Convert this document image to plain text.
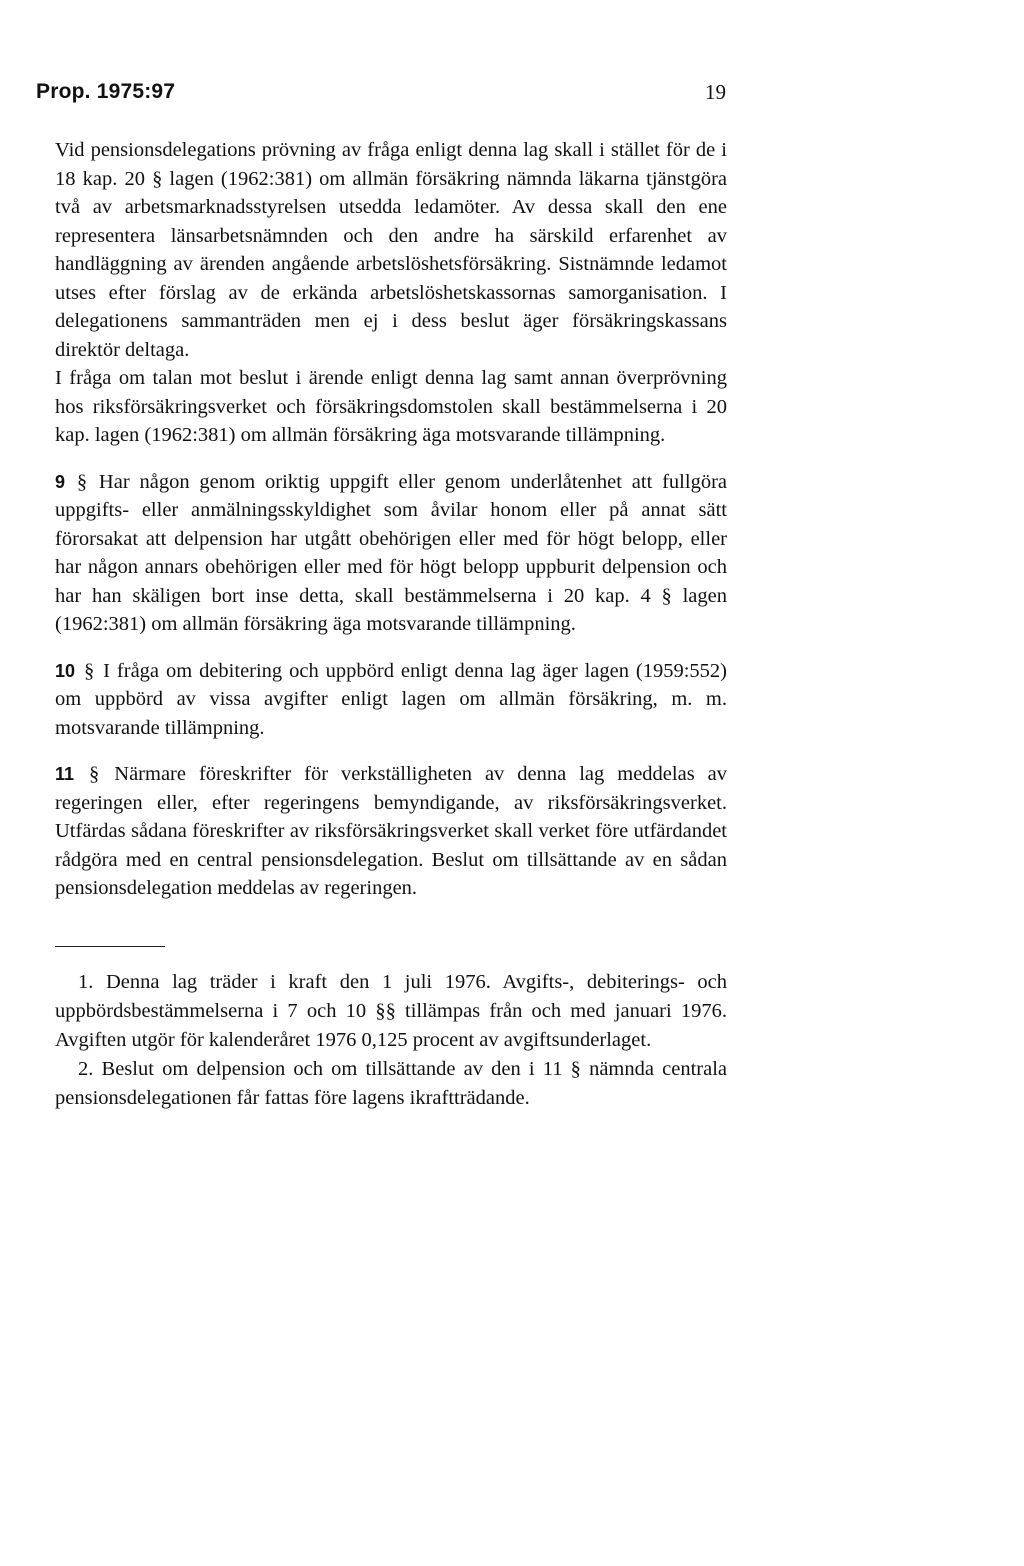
Prop. 1975:97	19

Vid pensionsdelegations prövning av fråga enligt denna lag skall i stället för de i 18 kap. 20 § lagen (1962:381) om allmän försäkring nämnda läkarna tjänstgöra två av arbetsmarknadsstyrelsen utsedda ledamöter. Av dessa skall den ene representera länsarbetsnämnden och den andre ha särskild erfarenhet av handläggning av ärenden angående arbetslöshetsförsäkring. Sistnämnde ledamot utses efter förslag av de erkända arbetslöshetskassornas samorganisation. I delegationens sammanträden men ej i dess beslut äger försäkringskassans direktör deltaga.

I fråga om talan mot beslut i ärende enligt denna lag samt annan överprövning hos riksförsäkringsverket och försäkringsdomstolen skall bestämmelserna i 20 kap. lagen (1962:381) om allmän försäkring äga motsvarande tillämpning.

9 § Har någon genom oriktig uppgift eller genom underlåtenhet att fullgöra uppgifts- eller anmälningsskyldighet som åvilar honom eller på annat sätt förorsakat att delpension har utgått obehörigen eller med för högt belopp, eller har någon annars obehörigen eller med för högt belopp uppburit delpension och har han skäligen bort inse detta, skall bestämmelserna i 20 kap. 4 § lagen (1962:381) om allmän försäkring äga motsvarande tillämpning.

10 § I fråga om debitering och uppbörd enligt denna lag äger lagen (1959:552) om uppbörd av vissa avgifter enligt lagen om allmän försäkring, m. m. motsvarande tillämpning.

11 § Närmare föreskrifter för verkställigheten av denna lag meddelas av regeringen eller, efter regeringens bemyndigande, av riksförsäkringsverket. Utfärdas sådana föreskrifter av riksförsäkringsverket skall verket före utfärdandet rådgöra med en central pensionsdelegation. Beslut om tillsättande av en sådan pensionsdelegation meddelas av regeringen.

1. Denna lag träder i kraft den 1 juli 1976. Avgifts-, debiterings- och uppbördsbestämmelserna i 7 och 10 §§ tillämpas från och med januari 1976. Avgiften utgör för kalenderåret 1976 0,125 procent av avgiftsunderlaget.

2. Beslut om delpension och om tillsättande av den i 11 § nämnda centrala pensionsdelegationen får fattas före lagens ikraftträdande.
